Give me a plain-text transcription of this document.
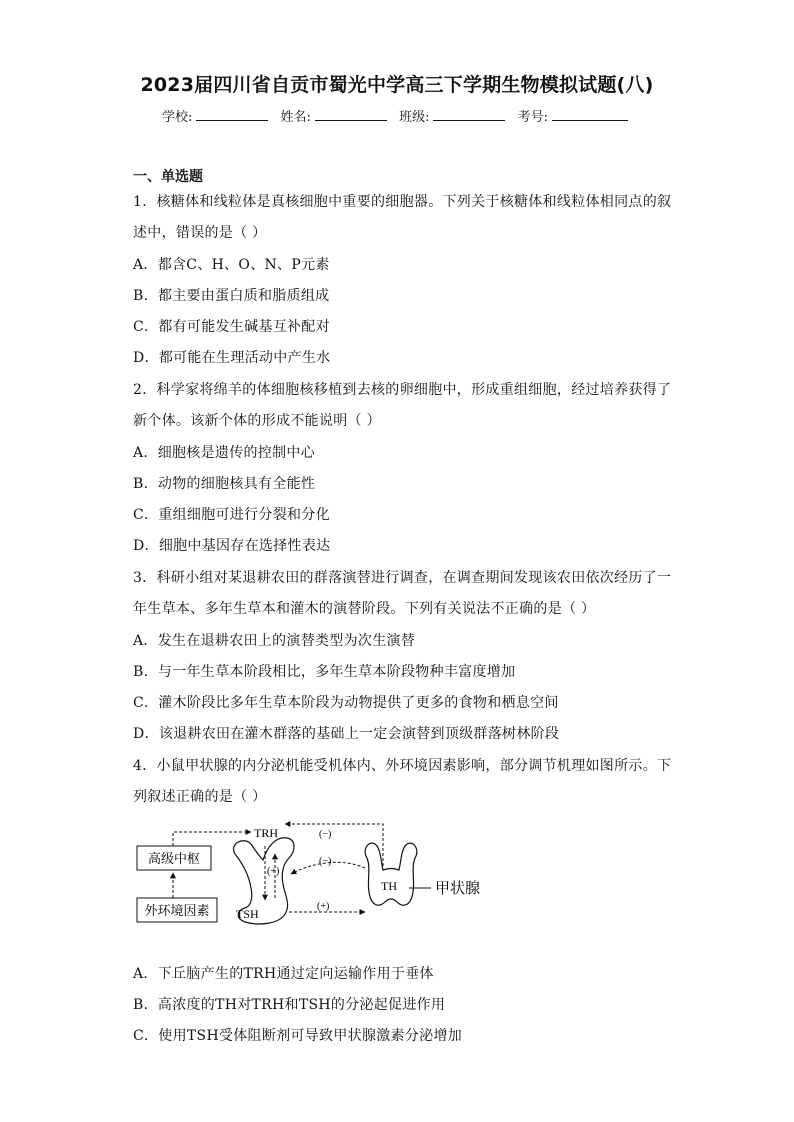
2023届四川省自贡市蜀光中学高三下学期生物模拟试题(八)
学校:	姓名:	班级:	考号:
一、单选题
1．核糖体和线粒体是真核细胞中重要的细胞器。下列关于核糖体和线粒体相同点的叙
述中，错误的是（ ）
A．都含C、H、O、N、P元素
B．都主要由蛋白质和脂质组成
C．都有可能发生碱基互补配对
D．都可能在生理活动中产生水
2．科学家将绵羊的体细胞核移植到去核的卵细胞中，形成重组细胞，经过培养获得了
新个体。该新个体的形成不能说明（ ）
A．细胞核是遗传的控制中心
B．动物的细胞核具有全能性
C．重组细胞可进行分裂和分化
D．细胞中基因存在选择性表达
3．科研小组对某退耕农田的群落演替进行调查，在调查期间发现该农田依次经历了一
年生草本、多年生草本和灌木的演替阶段。下列有关说法不正确的是（ ）
A．发生在退耕农田上的演替类型为次生演替
B．与一年生草本阶段相比，多年生草本阶段物种丰富度增加
C．灌木阶段比多年生草本阶段为动物提供了更多的食物和栖息空间
D．该退耕农田在灌木群落的基础上一定会演替到顶级群落树林阶段
4．小鼠甲状腺的内分泌机能受机体内、外环境因素影响，部分调节机理如图所示。下
列叙述正确的是（ ）
高级中枢
外环境因素
TRH
(+)
TSH
(−)
(−)
(+)
TH	甲状腺
A．下丘脑产生的TRH通过定向运输作用于垂体
B．高浓度的TH对TRH和TSH的分泌起促进作用
C．使用TSH受体阻断剂可导致甲状腺激素分泌增加
